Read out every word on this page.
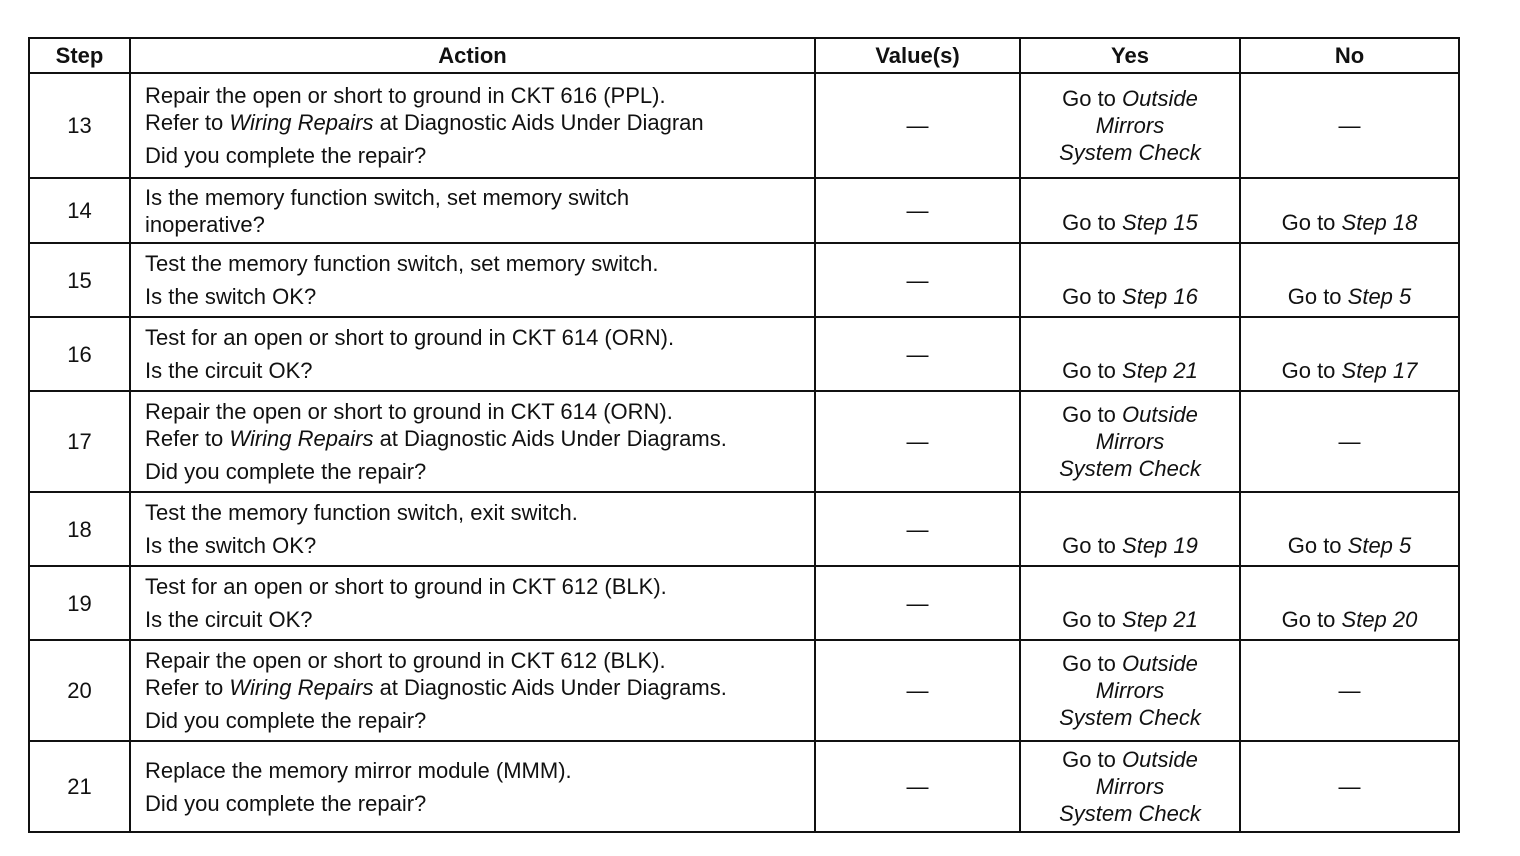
Step	Action	Value(s)	Yes	No
13	Repair the open or short to ground in CKT 616 (PPL).
Refer to Wiring Repairs at Diagnostic Aids Under Diagran
Did you complete the repair?	—	Go to Outside
Mirrors
System Check	—
14	Is the memory function switch, set memory switch
inoperative?	—	Go to Step 15	Go to Step 18
15	Test the memory function switch, set memory switch.
Is the switch OK?	—	Go to Step 16	Go to Step 5
16	Test for an open or short to ground in CKT 614 (ORN).
Is the circuit OK?	—	Go to Step 21	Go to Step 17
17	Repair the open or short to ground in CKT 614 (ORN).
Refer to Wiring Repairs at Diagnostic Aids Under Diagrams.
Did you complete the repair?	—	Go to Outside
Mirrors
System Check	—
18	Test the memory function switch, exit switch.
Is the switch OK?	—	Go to Step 19	Go to Step 5
19	Test for an open or short to ground in CKT 612 (BLK).
Is the circuit OK?	—	Go to Step 21	Go to Step 20
20	Repair the open or short to ground in CKT 612 (BLK).
Refer to Wiring Repairs at Diagnostic Aids Under Diagrams.
Did you complete the repair?	—	Go to Outside
Mirrors
System Check	—
21	Replace the memory mirror module (MMM).
Did you complete the repair?	—	Go to Outside
Mirrors
System Check	—
